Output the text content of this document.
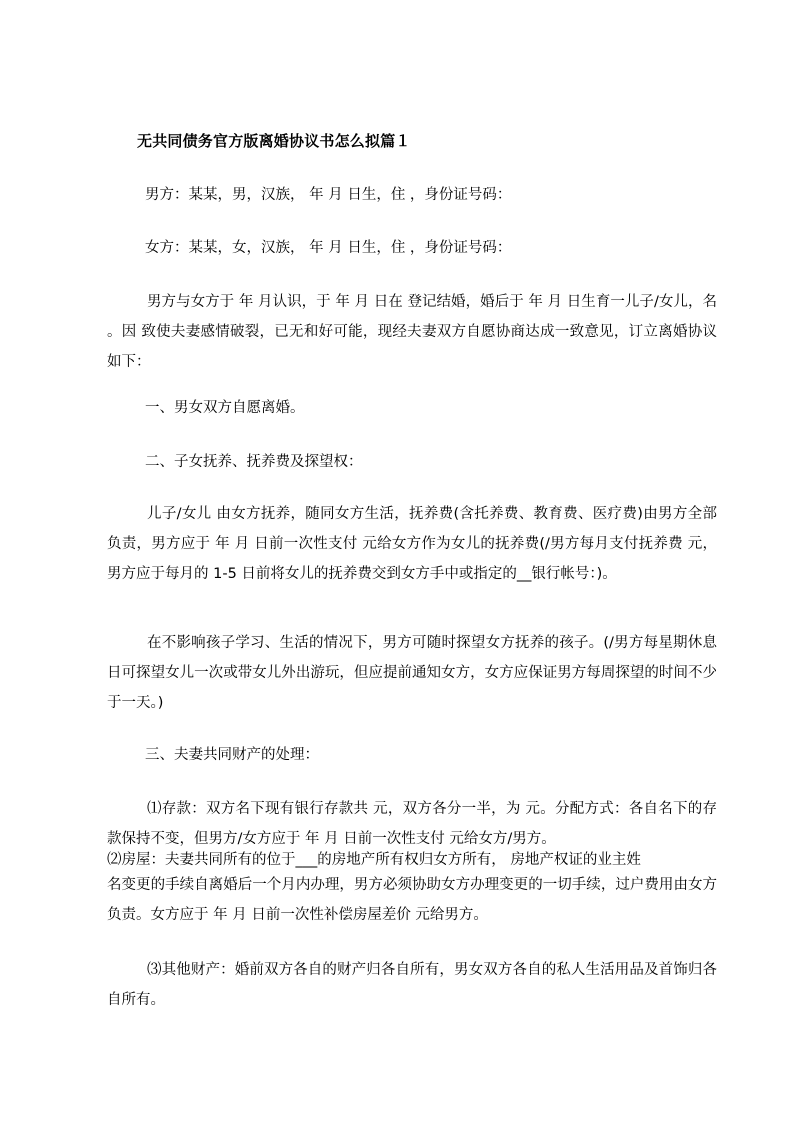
无共同债务官方版离婚协议书怎么拟篇１
男方：某某，男，汉族， 年 月 日生，住 ，身份证号码：
女方：某某，女，汉族， 年 月 日生，住 ，身份证号码：

男方与女方于 年 月认识，于 年 月 日在 登记结婚，婚后于 年 月 日生育一儿子/女儿，名 。因 致使夫妻感情破裂，已无和好可能，现经夫妻双方自愿协商达成一致意见，订立离婚协议如下：

一、男女双方自愿离婚。
二、子女抚养、抚养费及探望权：

儿子/女儿 由女方抚养，随同女方生活，抚养费(含托养费、教育费、医疗费)由男方全部负责，男方应于 年 月 日前一次性支付 元给女方作为女儿的抚养费(/男方每月支付抚养费 元，男方应于每月的 1-5 日前将女儿的抚养费交到女方手中或指定的__银行帐号：)。

在不影响孩子学习、生活的情况下，男方可随时探望女方抚养的孩子。(/男方每星期休息日可探望女儿一次或带女儿外出游玩，但应提前通知女方，女方应保证男方每周探望的时间不少于一天。)

三、夫妻共同财产的处理：

⑴存款：双方名下现有银行存款共 元，双方各分一半，为 元。分配方式：各自名下的存款保持不变，但男方/女方应于 年 月 日前一次性支付 元给女方/男方。

⑵房屋：夫妻共同所有的位于___的房地产所有权归女方所有， 房地产权证的业主姓

名变更的手续自离婚后一个月内办理，男方必须协助女方办理变更的一切手续，过户费用由女方负责。女方应于 年 月 日前一次性补偿房屋差价 元给男方。

⑶其他财产：婚前双方各自的财产归各自所有，男女双方各自的私人生活用品及首饰归各自所有。
